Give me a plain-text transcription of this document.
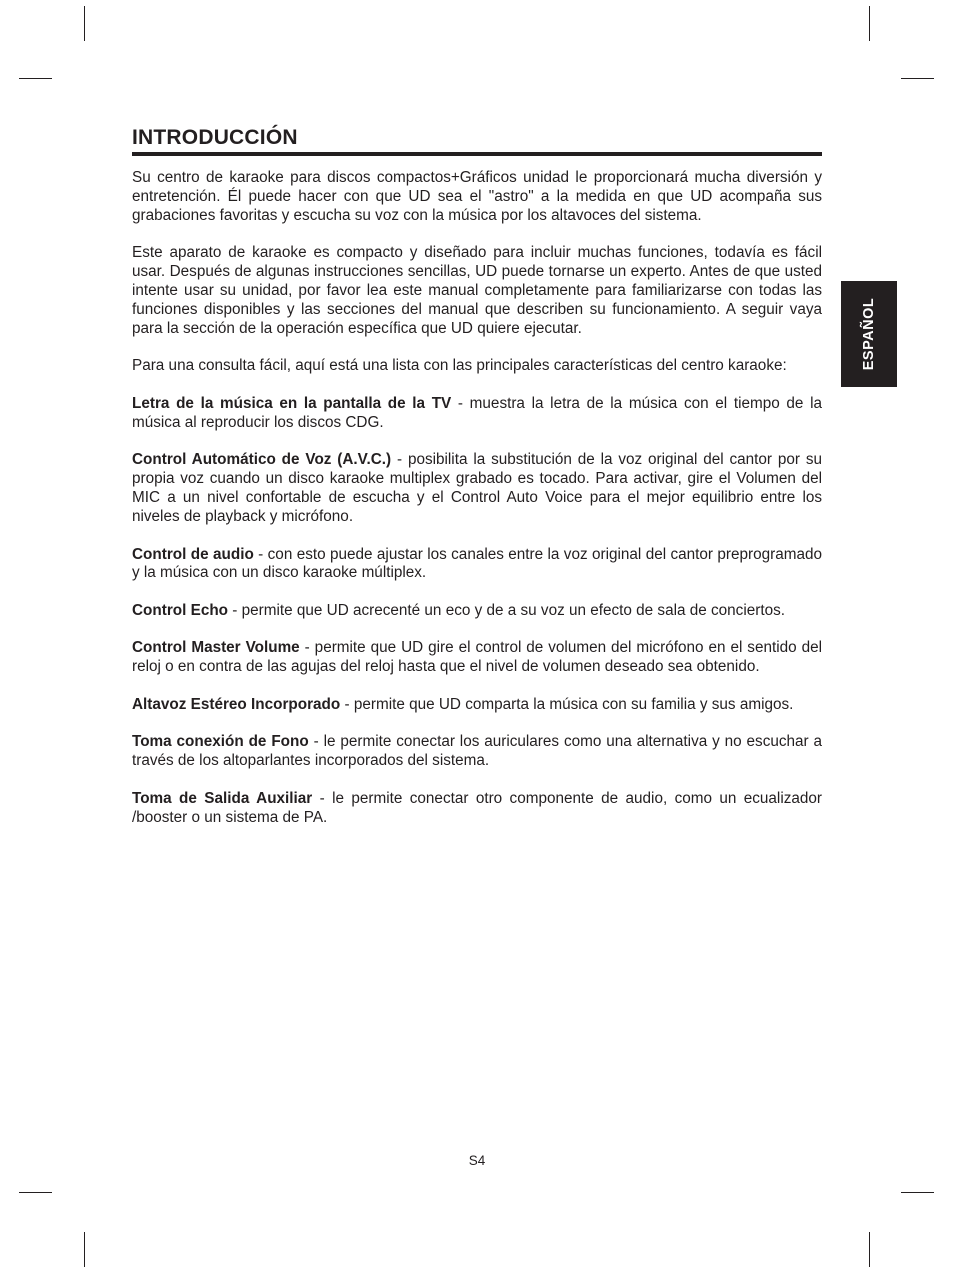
INTRODUCCIÓN
ESPAÑOL

Su centro de karaoke para discos compactos+Gráficos unidad le proporcionará mucha diversión y entretención. Él puede hacer con que UD sea el "astro" a la medida en que UD acompaña sus grabaciones favoritas y escucha su voz con la música por los altavoces del sistema.

Este aparato de karaoke es compacto y diseñado para incluir muchas funciones, todavía es fácil usar. Después de algunas instrucciones sencillas, UD puede tornarse un experto. Antes de que usted intente usar su unidad, por favor lea este manual completamente para familiarizarse con todas las funciones disponibles y las secciones del manual que describen su funcionamiento. A seguir vaya para la sección de la operación específica que UD quiere ejecutar.

Para una consulta fácil, aquí está una lista con las principales características del centro karaoke:

Letra de la música en la pantalla de la TV - muestra la letra de la música con el tiempo de la música al reproducir los discos CDG.

Control Automático de Voz (A.V.C.) - posibilita la substitución de la voz original del cantor por su propia voz cuando un disco karaoke multiplex grabado es tocado. Para activar, gire el Volumen del MIC a un nivel confortable de escucha y el Control Auto Voice para el mejor equilibrio entre los niveles de playback y micrófono.

Control de audio - con esto puede ajustar los canales entre la voz original del cantor preprogramado y la música con un disco karaoke múltiplex.

Control Echo - permite que UD acrecenté un eco y de a su voz un efecto de sala de conciertos.

Control Master Volume - permite que UD gire el control de volumen del micrófono en el sentido del reloj o en contra de las agujas del reloj hasta que el nivel de volumen deseado sea obtenido.

Altavoz Estéreo Incorporado - permite que UD comparta la música con su familia y sus amigos.

Toma conexión de Fono - le permite conectar los auriculares como una alternativa y no escuchar a través de los altoparlantes incorporados del sistema.

Toma de Salida Auxiliar - le permite conectar otro componente de audio, como un ecualizador /booster o un sistema de PA.

S4
